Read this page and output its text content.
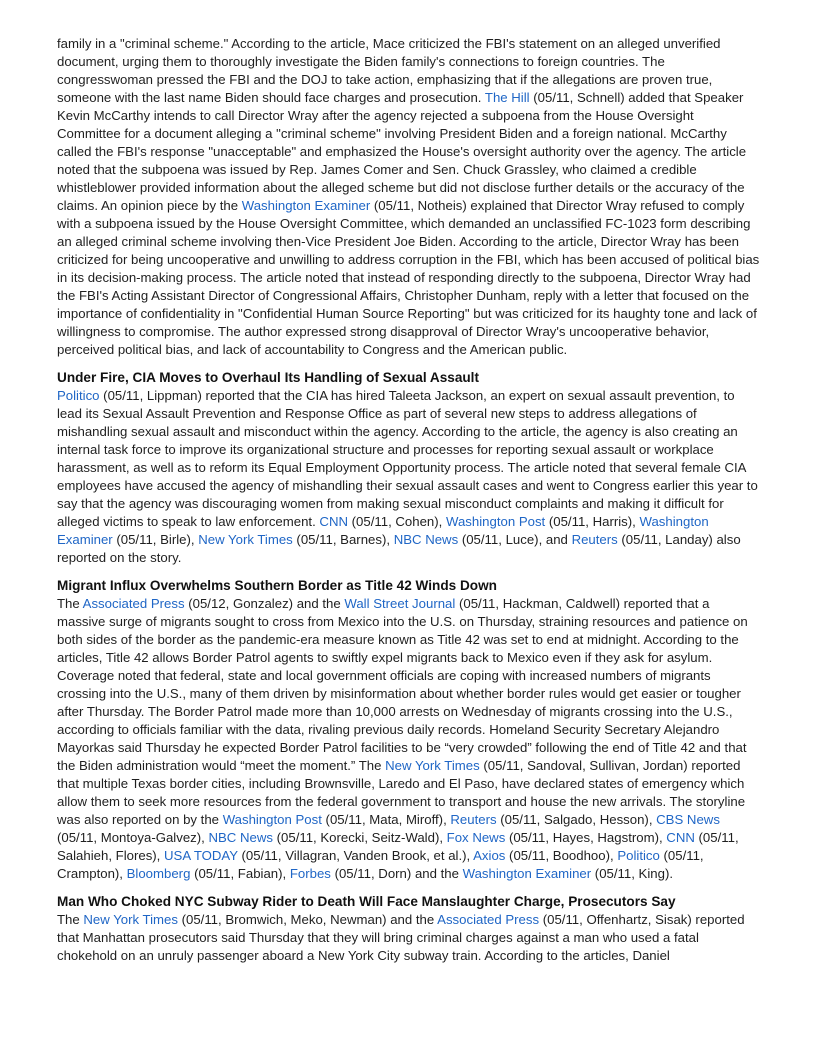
family in a "criminal scheme." According to the article, Mace criticized the FBI's statement on an alleged unverified document, urging them to thoroughly investigate the Biden family's connections to foreign countries. The congresswoman pressed the FBI and the DOJ to take action, emphasizing that if the allegations are proven true, someone with the last name Biden should face charges and prosecution. The Hill (05/11, Schnell) added that Speaker Kevin McCarthy intends to call Director Wray after the agency rejected a subpoena from the House Oversight Committee for a document alleging a "criminal scheme" involving President Biden and a foreign national. McCarthy called the FBI's response "unacceptable" and emphasized the House's oversight authority over the agency. The article noted that the subpoena was issued by Rep. James Comer and Sen. Chuck Grassley, who claimed a credible whistleblower provided information about the alleged scheme but did not disclose further details or the accuracy of the claims. An opinion piece by the Washington Examiner (05/11, Notheis) explained that Director Wray refused to comply with a subpoena issued by the House Oversight Committee, which demanded an unclassified FC-1023 form describing an alleged criminal scheme involving then-Vice President Joe Biden. According to the article, Director Wray has been criticized for being uncooperative and unwilling to address corruption in the FBI, which has been accused of political bias in its decision-making process. The article noted that instead of responding directly to the subpoena, Director Wray had the FBI's Acting Assistant Director of Congressional Affairs, Christopher Dunham, reply with a letter that focused on the importance of confidentiality in "Confidential Human Source Reporting" but was criticized for its haughty tone and lack of willingness to compromise. The author expressed strong disapproval of Director Wray's uncooperative behavior, perceived political bias, and lack of accountability to Congress and the American public.

Under Fire, CIA Moves to Overhaul Its Handling of Sexual Assault

Politico (05/11, Lippman) reported that the CIA has hired Taleeta Jackson, an expert on sexual assault prevention, to lead its Sexual Assault Prevention and Response Office as part of several new steps to address allegations of mishandling sexual assault and misconduct within the agency. According to the article, the agency is also creating an internal task force to improve its organizational structure and processes for reporting sexual assault or workplace harassment, as well as to reform its Equal Employment Opportunity process. The article noted that several female CIA employees have accused the agency of mishandling their sexual assault cases and went to Congress earlier this year to say that the agency was discouraging women from making sexual misconduct complaints and making it difficult for alleged victims to speak to law enforcement. CNN (05/11, Cohen), Washington Post (05/11, Harris), Washington Examiner (05/11, Birle), New York Times (05/11, Barnes), NBC News (05/11, Luce), and Reuters (05/11, Landay) also reported on the story.

Migrant Influx Overwhelms Southern Border as Title 42 Winds Down

The Associated Press (05/12, Gonzalez) and the Wall Street Journal (05/11, Hackman, Caldwell) reported that a massive surge of migrants sought to cross from Mexico into the U.S. on Thursday, straining resources and patience on both sides of the border as the pandemic-era measure known as Title 42 was set to end at midnight. According to the articles, Title 42 allows Border Patrol agents to swiftly expel migrants back to Mexico even if they ask for asylum. Coverage noted that federal, state and local government officials are coping with increased numbers of migrants crossing into the U.S., many of them driven by misinformation about whether border rules would get easier or tougher after Thursday. The Border Patrol made more than 10,000 arrests on Wednesday of migrants crossing into the U.S., according to officials familiar with the data, rivaling previous daily records. Homeland Security Secretary Alejandro Mayorkas said Thursday he expected Border Patrol facilities to be “very crowded” following the end of Title 42 and that the Biden administration would “meet the moment.” The New York Times (05/11, Sandoval, Sullivan, Jordan) reported that multiple Texas border cities, including Brownsville, Laredo and El Paso, have declared states of emergency which allow them to seek more resources from the federal government to transport and house the new arrivals. The storyline was also reported on by the Washington Post (05/11, Mata, Miroff), Reuters (05/11, Salgado, Hesson), CBS News (05/11, Montoya-Galvez), NBC News (05/11, Korecki, Seitz-Wald), Fox News (05/11, Hayes, Hagstrom), CNN (05/11, Salahieh, Flores), USA TODAY (05/11, Villagran, Vanden Brook, et al.), Axios (05/11, Boodhoo), Politico (05/11, Crampton), Bloomberg (05/11, Fabian), Forbes (05/11, Dorn) and the Washington Examiner (05/11, King).

Man Who Choked NYC Subway Rider to Death Will Face Manslaughter Charge, Prosecutors Say

The New York Times (05/11, Bromwich, Meko, Newman) and the Associated Press (05/11, Offenhartz, Sisak) reported that Manhattan prosecutors said Thursday that they will bring criminal charges against a man who used a fatal chokehold on an unruly passenger aboard a New York City subway train. According to the articles, Daniel
